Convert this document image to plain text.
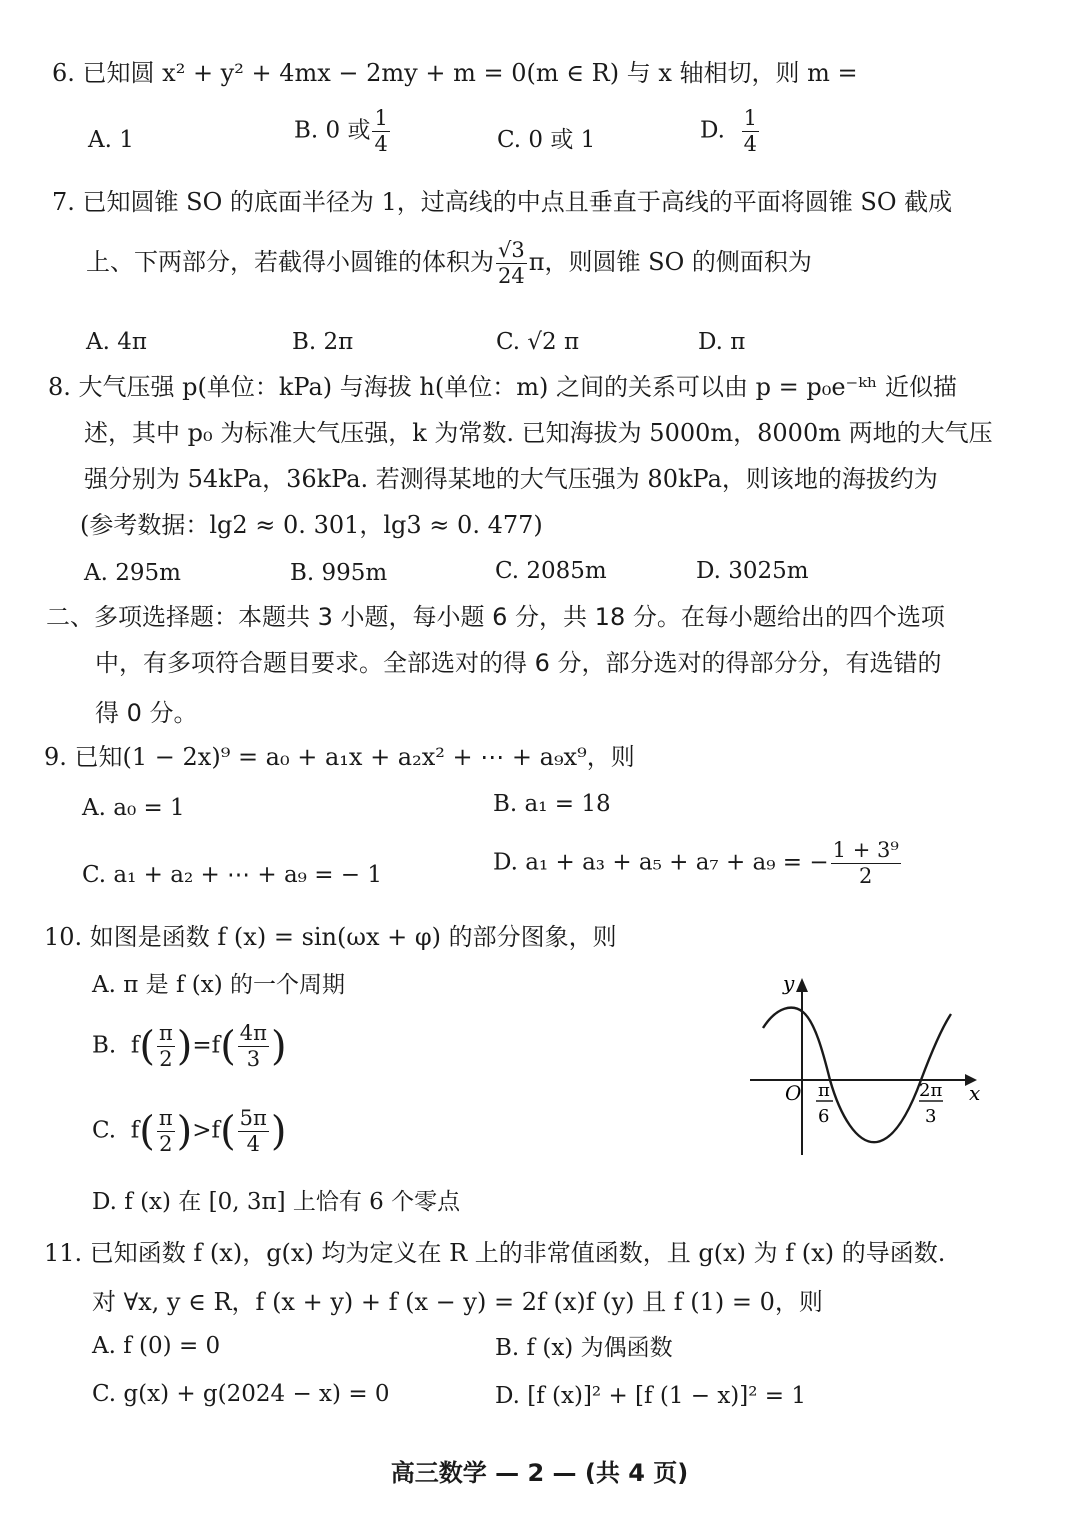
6. 已知圆 x² + y² + 4mx − 2my + m = 0(m ∈ R) 与 x 轴相切，则 m =
A. 1	B. 0 或 $\frac{1}{4}$	C. 0 或 1	D. $\frac{1}{4}$
7. 已知圆锥 SO 的底面半径为 1，过高线的中点且垂直于高线的平面将圆锥 SO 截成
上、下两部分，若截得小圆锥的体积为 $\frac{√3}{24}$ π，则圆锥 SO 的侧面积为
A. 4π	B. 2π	C. √2 π	D. π
8. 大气压强 p(单位：kPa) 与海拔 h(单位：m) 之间的关系可以由 p = p₀e⁻ᵏʰ 近似描
述，其中 p₀ 为标准大气压强，k 为常数. 已知海拔为 5000m，8000m 两地的大气压
强分别为 54kPa，36kPa. 若测得某地的大气压强为 80kPa，则该地的海拔约为
(参考数据：lg2 ≈ 0. 301，lg3 ≈ 0. 477)
A. 295m	B. 995m	C. 2085m	D. 3025m
二、多项选择题：本题共 3 小题，每小题 6 分，共 18 分。在每小题给出的四个选项
中，有多项符合题目要求。全部选对的得 6 分，部分选对的得部分分，有选错的
得 0 分。
9. 已知(1 − 2x)⁹ = a₀ + a₁x + a₂x² + ⋯ + a₉x⁹，则
A. a₀ = 1	B. a₁ = 18
C. a₁ + a₂ + ⋯ + a₉ = − 1	D. a₁ + a₃ + a₅ + a₇ + a₉ = − $\frac{\text{1 + 3⁹}}{2}$
10. 如图是函数 f (x) = sin(ωx + φ) 的部分图象，则
A. π 是 f (x) 的一个周期
B. $f( \frac{\pi}{2} )=f( \frac{4\pi}{3}$ )
C. $f( \frac{\pi}{2} )>f( \frac{5\pi}{4}$ )
D. f (x) 在 [0, 3π] 上恰有 6 个零点
y
x
O π
6
2π
3
11. 已知函数 f (x)，g(x) 均为定义在 R 上的非常值函数，且 g(x) 为 f (x) 的导函数.
对 ∀x, y ∈ R，f (x + y) + f (x − y) = 2f (x)f (y) 且 f (1) = 0，则
A. f (0) = 0	B. f (x) 为偶函数
C. g(x) + g(2024 − x) = 0	D. [f (x)]² + [f (1 − x)]² = 1
高三数学 — 2 — (共 4 页)
